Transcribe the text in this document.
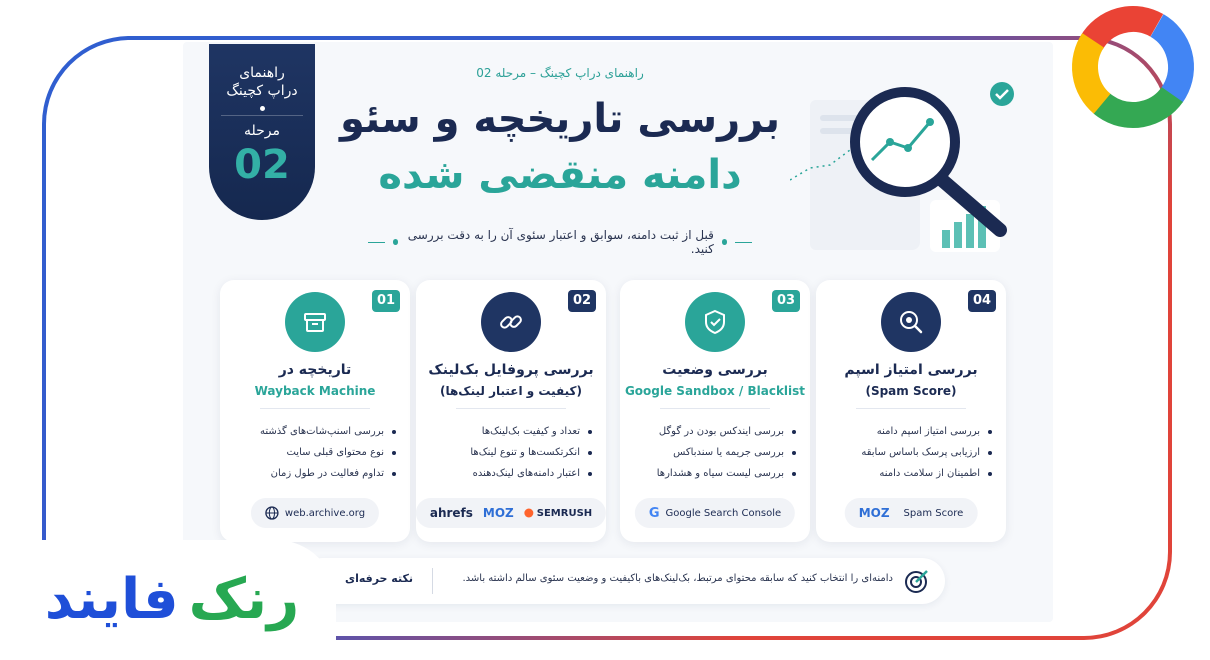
راهنمای
دراپ کچینگ
مرحله
02
راهنمای دراپ کچینگ – مرحله 02
بررسی تاریخچه و سئو
دامنه منقضی شده
قبل از ثبت دامنه، سوابق و اعتبار سئوی آن را به دقت بررسی کنید.
01
تاریخچه در
Wayback Machine
بررسی اسنپ‌شات‌های گذشته
نوع محتوای قبلی سایت
تداوم فعالیت در طول زمان
web.archive.org
02
بررسی پروفایل بک‌لینک
(کیفیت و اعتبار لینک‌ها)
تعداد و کیفیت بک‌لینک‌ها
انکرتکست‌ها و تنوع لینک‌ها
اعتبار دامنه‌های لینک‌دهنده
ahrefs MOZ SEMRUSH
03
بررسی وضعیت
Google Sandbox / Blacklist
بررسی ایندکس بودن در گوگل
بررسی جریمه یا سندباکس
بررسی لیست سیاه و هشدارها
G Google Search Console
04
بررسی امتیاز اسپم
(Spam Score)
بررسی امتیاز اسپم دامنه
ارزیابی پرسک باساس سابقه
اطمینان از سلامت دامنه
MOZ Spam Score
نکته حرفه‌ای	دامنه‌ای را انتخاب کنید که سابقه محتوای مرتبط، بک‌لینک‌های باکیفیت و وضعیت سئوی سالم داشته باشد.
رنک
فایند
